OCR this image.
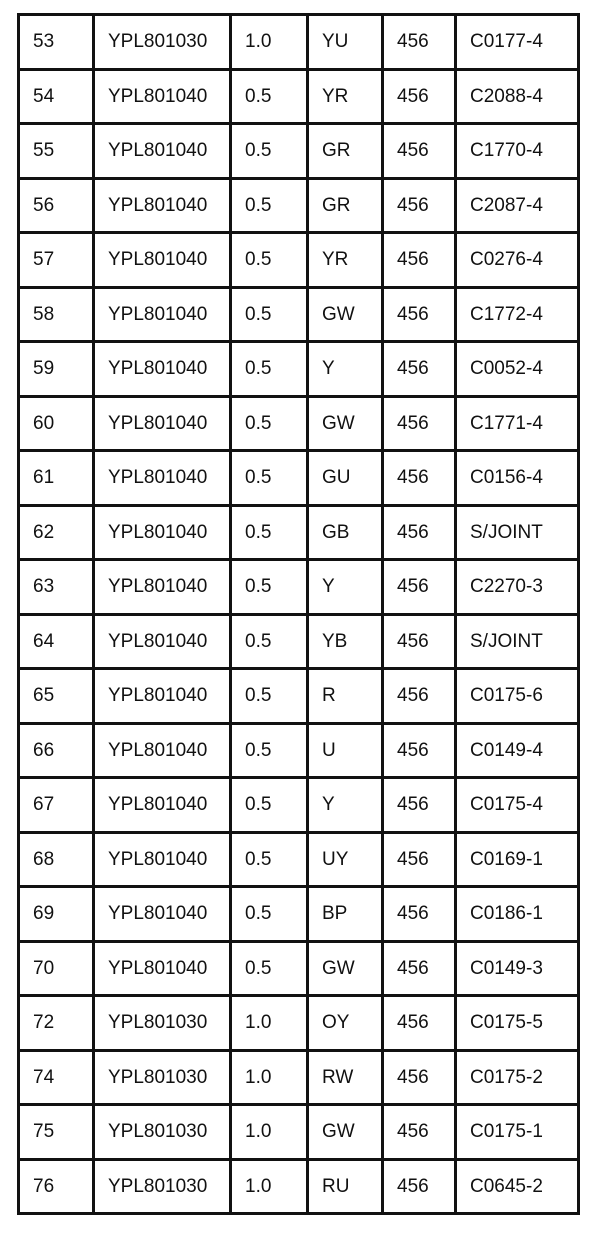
53	YPL801030	1.0	YU	456	C0177-4
54	YPL801040	0.5	YR	456	C2088-4
55	YPL801040	0.5	GR	456	C1770-4
56	YPL801040	0.5	GR	456	C2087-4
57	YPL801040	0.5	YR	456	C0276-4
58	YPL801040	0.5	GW	456	C1772-4
59	YPL801040	0.5	Y	456	C0052-4
60	YPL801040	0.5	GW	456	C1771-4
61	YPL801040	0.5	GU	456	C0156-4
62	YPL801040	0.5	GB	456	S/JOINT
63	YPL801040	0.5	Y	456	C2270-3
64	YPL801040	0.5	YB	456	S/JOINT
65	YPL801040	0.5	R	456	C0175-6
66	YPL801040	0.5	U	456	C0149-4
67	YPL801040	0.5	Y	456	C0175-4
68	YPL801040	0.5	UY	456	C0169-1
69	YPL801040	0.5	BP	456	C0186-1
70	YPL801040	0.5	GW	456	C0149-3
72	YPL801030	1.0	OY	456	C0175-5
74	YPL801030	1.0	RW	456	C0175-2
75	YPL801030	1.0	GW	456	C0175-1
76	YPL801030	1.0	RU	456	C0645-2
